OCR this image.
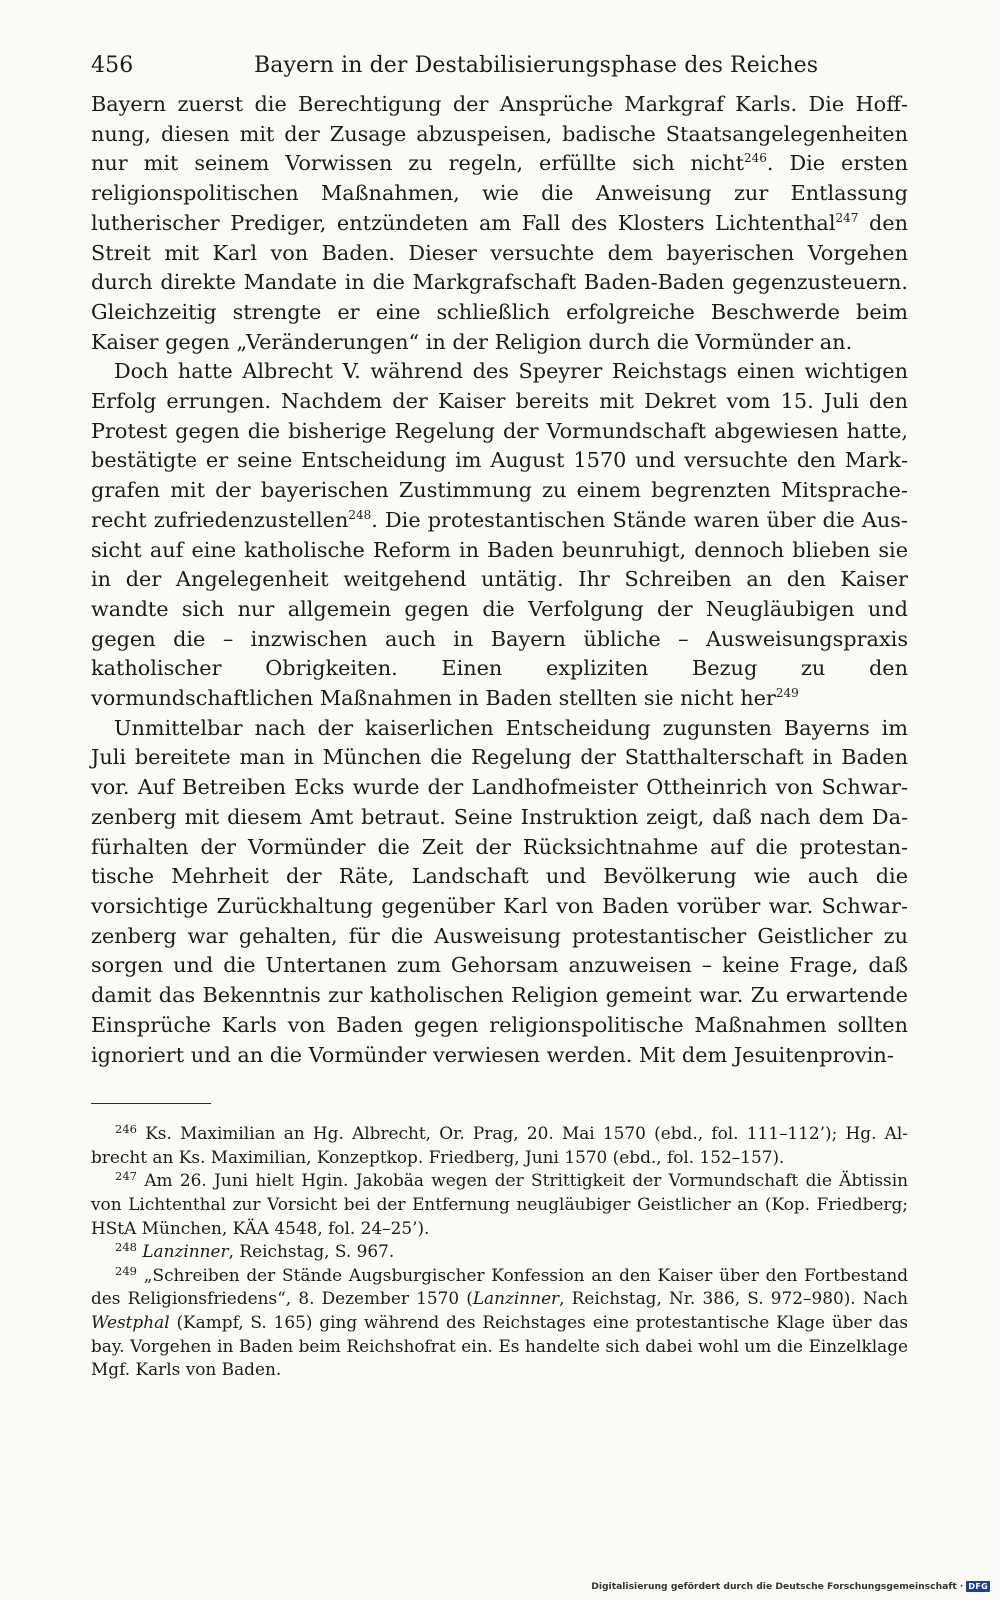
456	Bayern in der Destabilisierungsphase des Reiches

Bayern zuerst die Berechtigung der Ansprüche Markgraf Karls. Die Hoffnung, diesen mit der Zusage abzuspeisen, badische Staatsangelegenheiten nur mit seinem Vorwissen zu regeln, erfüllte sich nicht$^{246}$. Die ersten religionspolitischen Maßnahmen, wie die Anweisung zur Entlassung lutherischer Prediger, entzündeten am Fall des Klosters Lichtenthal$^{247}$ den Streit mit Karl von Baden. Dieser versuchte dem bayerischen Vorgehen durch direkte Mandate in die Markgrafschaft Baden-Baden gegenzusteuern. Gleichzeitig strengte er eine schließlich erfolgreiche Beschwerde beim Kaiser gegen „Veränderungen“ in der Religion durch die Vormünder an.

Doch hatte Albrecht V. während des Speyrer Reichstags einen wichtigen Erfolg errungen. Nachdem der Kaiser bereits mit Dekret vom 15. Juli den Protest gegen die bisherige Regelung der Vormundschaft abgewiesen hatte, bestätigte er seine Entscheidung im August 1570 und versuchte den Markgrafen mit der bayerischen Zustimmung zu einem begrenzten Mitspracherecht zufriedenzustellen$^{248}$. Die protestantischen Stände waren über die Aussicht auf eine katholische Reform in Baden beunruhigt, dennoch blieben sie in der Angelegenheit weitgehend untätig. Ihr Schreiben an den Kaiser wandte sich nur allgemein gegen die Verfolgung der Neugläubigen und gegen die – inzwischen auch in Bayern übliche – Ausweisungspraxis katholischer Obrigkeiten. Einen expliziten Bezug zu den vormundschaftlichen Maßnahmen in Baden stellten sie nicht her$^{249}$

Unmittelbar nach der kaiserlichen Entscheidung zugunsten Bayerns im Juli bereitete man in München die Regelung der Statthalterschaft in Baden vor. Auf Betreiben Ecks wurde der Landhofmeister Ottheinrich von Schwarzenberg mit diesem Amt betraut. Seine Instruktion zeigt, daß nach dem Dafürhalten der Vormünder die Zeit der Rücksichtnahme auf die protestantische Mehrheit der Räte, Landschaft und Bevölkerung wie auch die vorsichtige Zurückhaltung gegenüber Karl von Baden vorüber war. Schwarzenberg war gehalten, für die Ausweisung protestantischer Geistlicher zu sorgen und die Untertanen zum Gehorsam anzuweisen – keine Frage, daß damit das Bekenntnis zur katholischen Religion gemeint war. Zu erwartende Einsprüche Karls von Baden gegen religionspolitische Maßnahmen sollten ignoriert und an die Vormünder verwiesen werden. Mit dem Jesuitenprovin-

$^{246}$ Ks. Maximilian an Hg. Albrecht, Or. Prag, 20. Mai 1570 (ebd., fol. 111–112’); Hg. Albrecht an Ks. Maximilian, Konzeptkop. Friedberg, Juni 1570 (ebd., fol. 152–157).

$^{247}$ Am 26. Juni hielt Hgin. Jakobäa wegen der Strittigkeit der Vormundschaft die Äbtissin von Lichtenthal zur Vorsicht bei der Entfernung neugläubiger Geistlicher an (Kop. Friedberg; HStA München, KÄA 4548, fol. 24–25’).

$^{248}$ Lanzinner, Reichstag, S. 967.

$^{249}$ „Schreiben der Stände Augsburgischer Konfession an den Kaiser über den Fortbestand des Religionsfriedens“, 8. Dezember 1570 (Lanzinner, Reichstag, Nr. 386, S. 972–980). Nach Westphal (Kampf, S. 165) ging während des Reichstages eine protestantische Klage über das bay. Vorgehen in Baden beim Reichshofrat ein. Es handelte sich dabei wohl um die Einzelklage Mgf. Karls von Baden.

Digitalisierung gefördert durch die Deutsche Forschungsgemeinschaft · DFG
